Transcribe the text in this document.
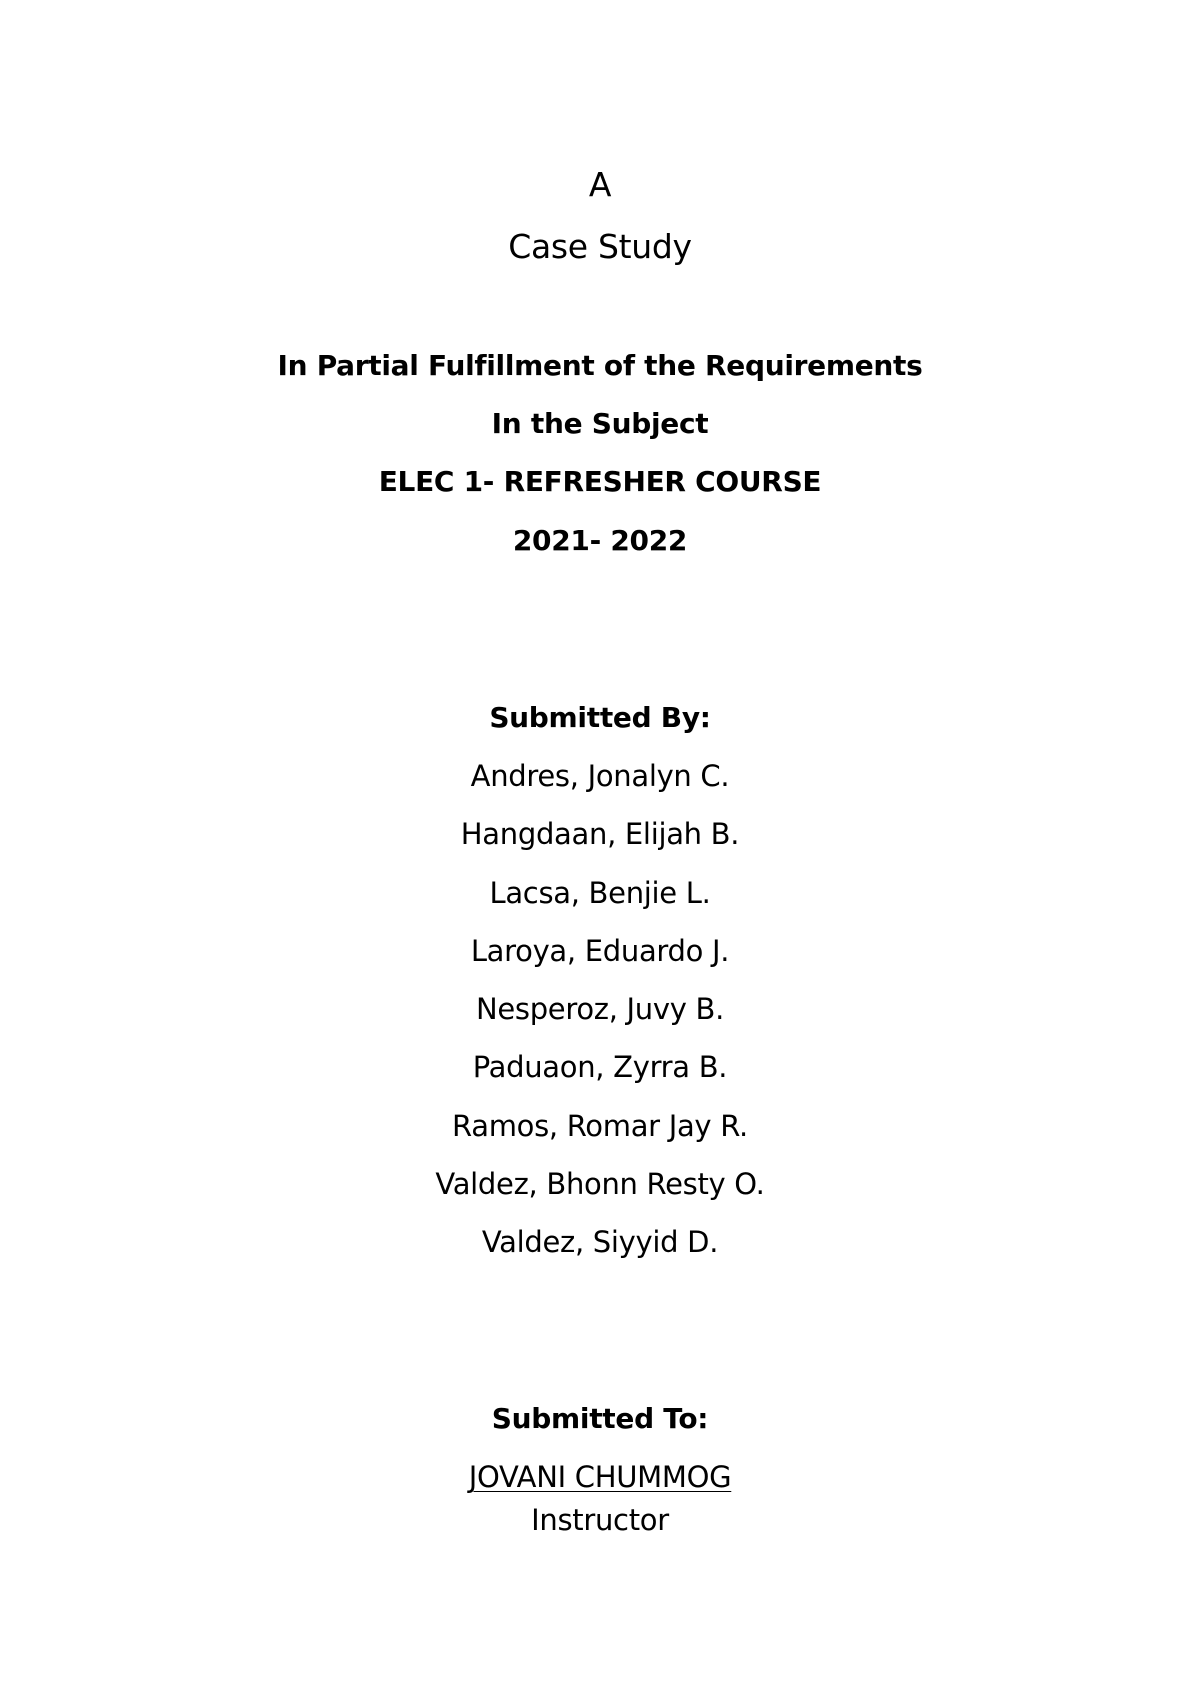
A
Case Study
In Partial Fulfillment of the Requirements
In the Subject
ELEC 1- REFRESHER COURSE
2021- 2022
Submitted By:
Andres, Jonalyn C.
Hangdaan, Elijah B.
Lacsa, Benjie L.
Laroya, Eduardo J.
Nesperoz, Juvy B.
Paduaon, Zyrra B.
Ramos, Romar Jay R.
Valdez, Bhonn Resty O.
Valdez, Siyyid D.
Submitted To:
JOVANI CHUMMOG
Instructor
